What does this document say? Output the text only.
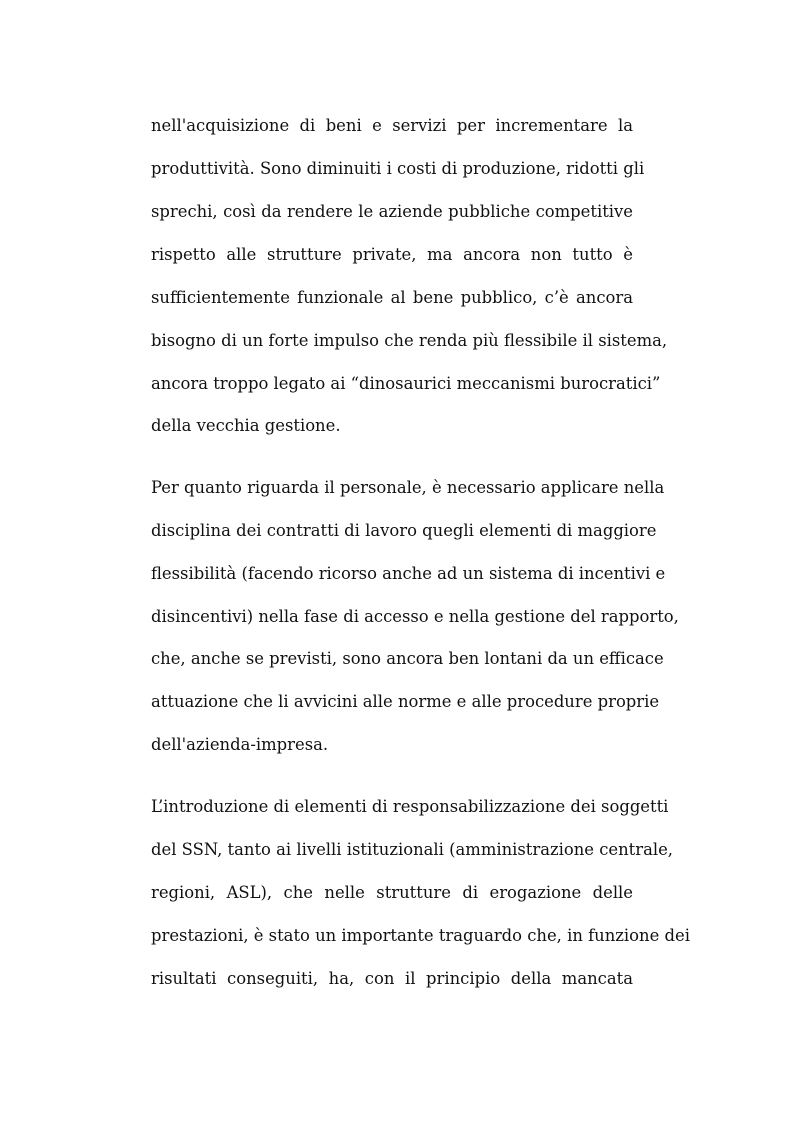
nell'acquisizione di beni e servizi per incrementare la
produttività. Sono diminuiti i costi di produzione, ridotti gli
sprechi, così da rendere le aziende pubbliche competitive
rispetto alle strutture private, ma ancora non tutto è
sufficientemente funzionale al bene pubblico, c’è ancora
bisogno di un forte impulso che renda più flessibile il sistema,
ancora troppo legato ai “dinosaurici meccanismi burocratici”
della vecchia gestione.
Per quanto riguarda il personale, è necessario applicare nella
disciplina dei contratti di lavoro quegli elementi di maggiore
flessibilità (facendo ricorso anche ad un sistema di incentivi e
disincentivi) nella fase di accesso e nella gestione del rapporto,
che, anche se previsti, sono ancora ben lontani da un efficace
attuazione che li avvicini alle norme e alle procedure proprie
dell'azienda-impresa.
L’introduzione di elementi di responsabilizzazione dei soggetti
del SSN, tanto ai livelli istituzionali (amministrazione centrale,
regioni, ASL), che nelle strutture di erogazione delle
prestazioni, è stato un importante traguardo che, in funzione dei
risultati conseguiti, ha, con il principio della mancata
